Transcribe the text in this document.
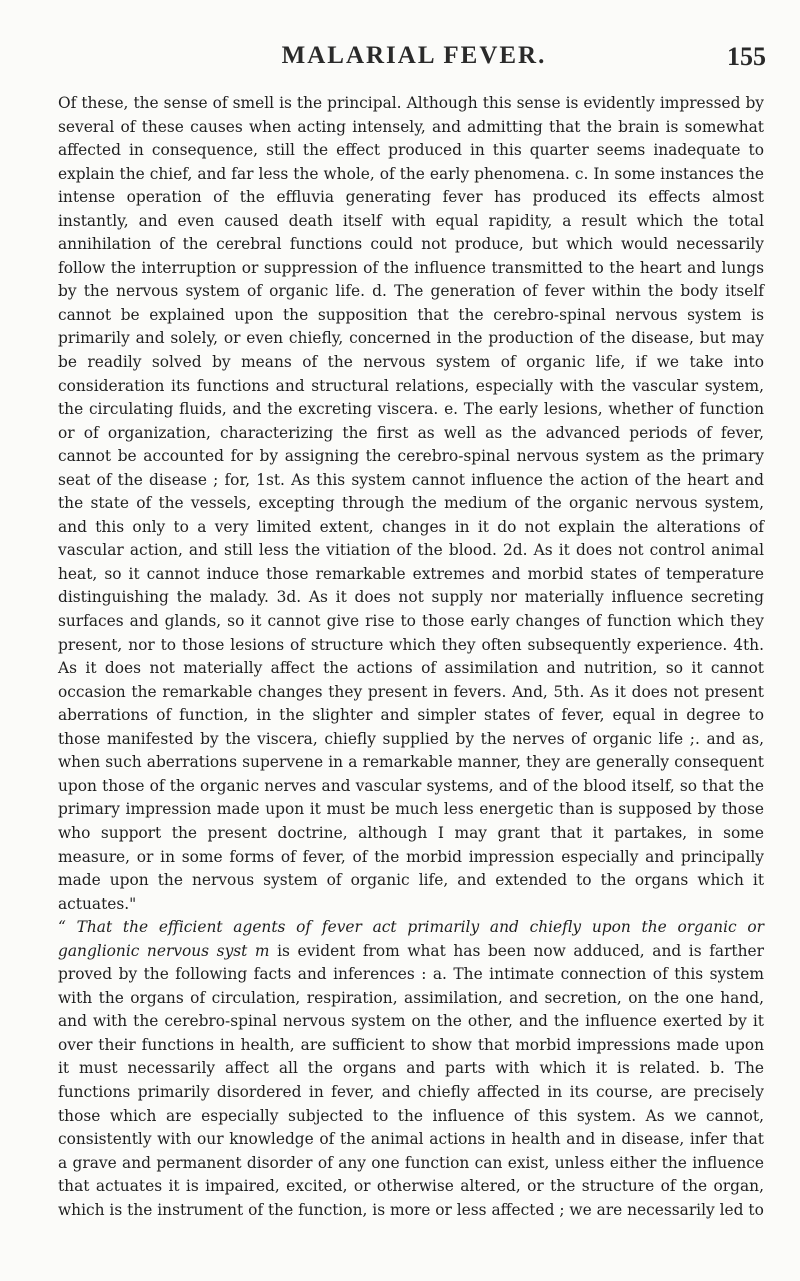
MALARIAL FEVER.	155

Of these, the sense of smell is the principal. Although this sense is evidently impressed by several of these causes when acting intensely, and admitting that the brain is somewhat affected in consequence, still the effect produced in this quarter seems inadequate to explain the chief, and far less the whole, of the early phenomena. c. In some instances the intense operation of the effluvia generating fever has produced its effects almost instantly, and even caused death itself with equal rapidity, a result which the total annihilation of the cerebral functions could not produce, but which would necessarily follow the interruption or suppression of the influence transmitted to the heart and lungs by the nervous system of organic life. d. The generation of fever within the body itself cannot be explained upon the supposition that the cerebro-spinal nervous system is primarily and solely, or even chiefly, concerned in the production of the disease, but may be readily solved by means of the nervous system of organic life, if we take into consideration its functions and structural relations, especially with the vascular system, the circulating fluids, and the excreting viscera. e. The early lesions, whether of function or of organization, characterizing the first as well as the advanced periods of fever, cannot be accounted for by assigning the cerebro-spinal nervous system as the primary seat of the disease ; for, 1st. As this system cannot influence the action of the heart and the state of the vessels, excepting through the medium of the organic nervous system, and this only to a very limited extent, changes in it do not explain the alterations of vascular action, and still less the vitiation of the blood. 2d. As it does not control animal heat, so it cannot induce those remarkable extremes and morbid states of temperature distinguishing the malady. 3d. As it does not supply nor materially influence secreting surfaces and glands, so it cannot give rise to those early changes of function which they present, nor to those lesions of structure which they often subsequently experience. 4th. As it does not materially affect the actions of assimilation and nutrition, so it cannot occasion the remarkable changes they present in fevers. And, 5th. As it does not present aberrations of function, in the slighter and simpler states of fever, equal in degree to those manifested by the viscera, chiefly supplied by the nerves of organic life ;. and as, when such aberrations supervene in a remarkable manner, they are generally consequent upon those of the organic nerves and vascular systems, and of the blood itself, so that the primary impression made upon it must be much less energetic than is supposed by those who support the present doctrine, although I may grant that it partakes, in some measure, or in some forms of fever, of the morbid impression especially and principally made upon the nervous system of organic life, and extended to the organs which it actuates."

“ That the efficient agents of fever act primarily and chiefly upon the organic or ganglionic nervous syst m is evident from what has been now adduced, and is farther proved by the following facts and inferences : a. The intimate connection of this system with the organs of circulation, respiration, assimilation, and secretion, on the one hand, and with the cerebro-spinal nervous system on the other, and the influence exerted by it over their functions in health, are sufficient to show that morbid impressions made upon it must necessarily affect all the organs and parts with which it is related. b. The functions primarily disordered in fever, and chiefly affected in its course, are precisely those which are especially subjected to the influence of this system. As we cannot, consistently with our knowledge of the animal actions in health and in disease, infer that a grave and permanent disorder of any one function can exist, unless either the influence that actuates it is impaired, excited, or otherwise altered, or the structure of the organ, which is the instrument of the function, is more or less affected ; we are necessarily led to
